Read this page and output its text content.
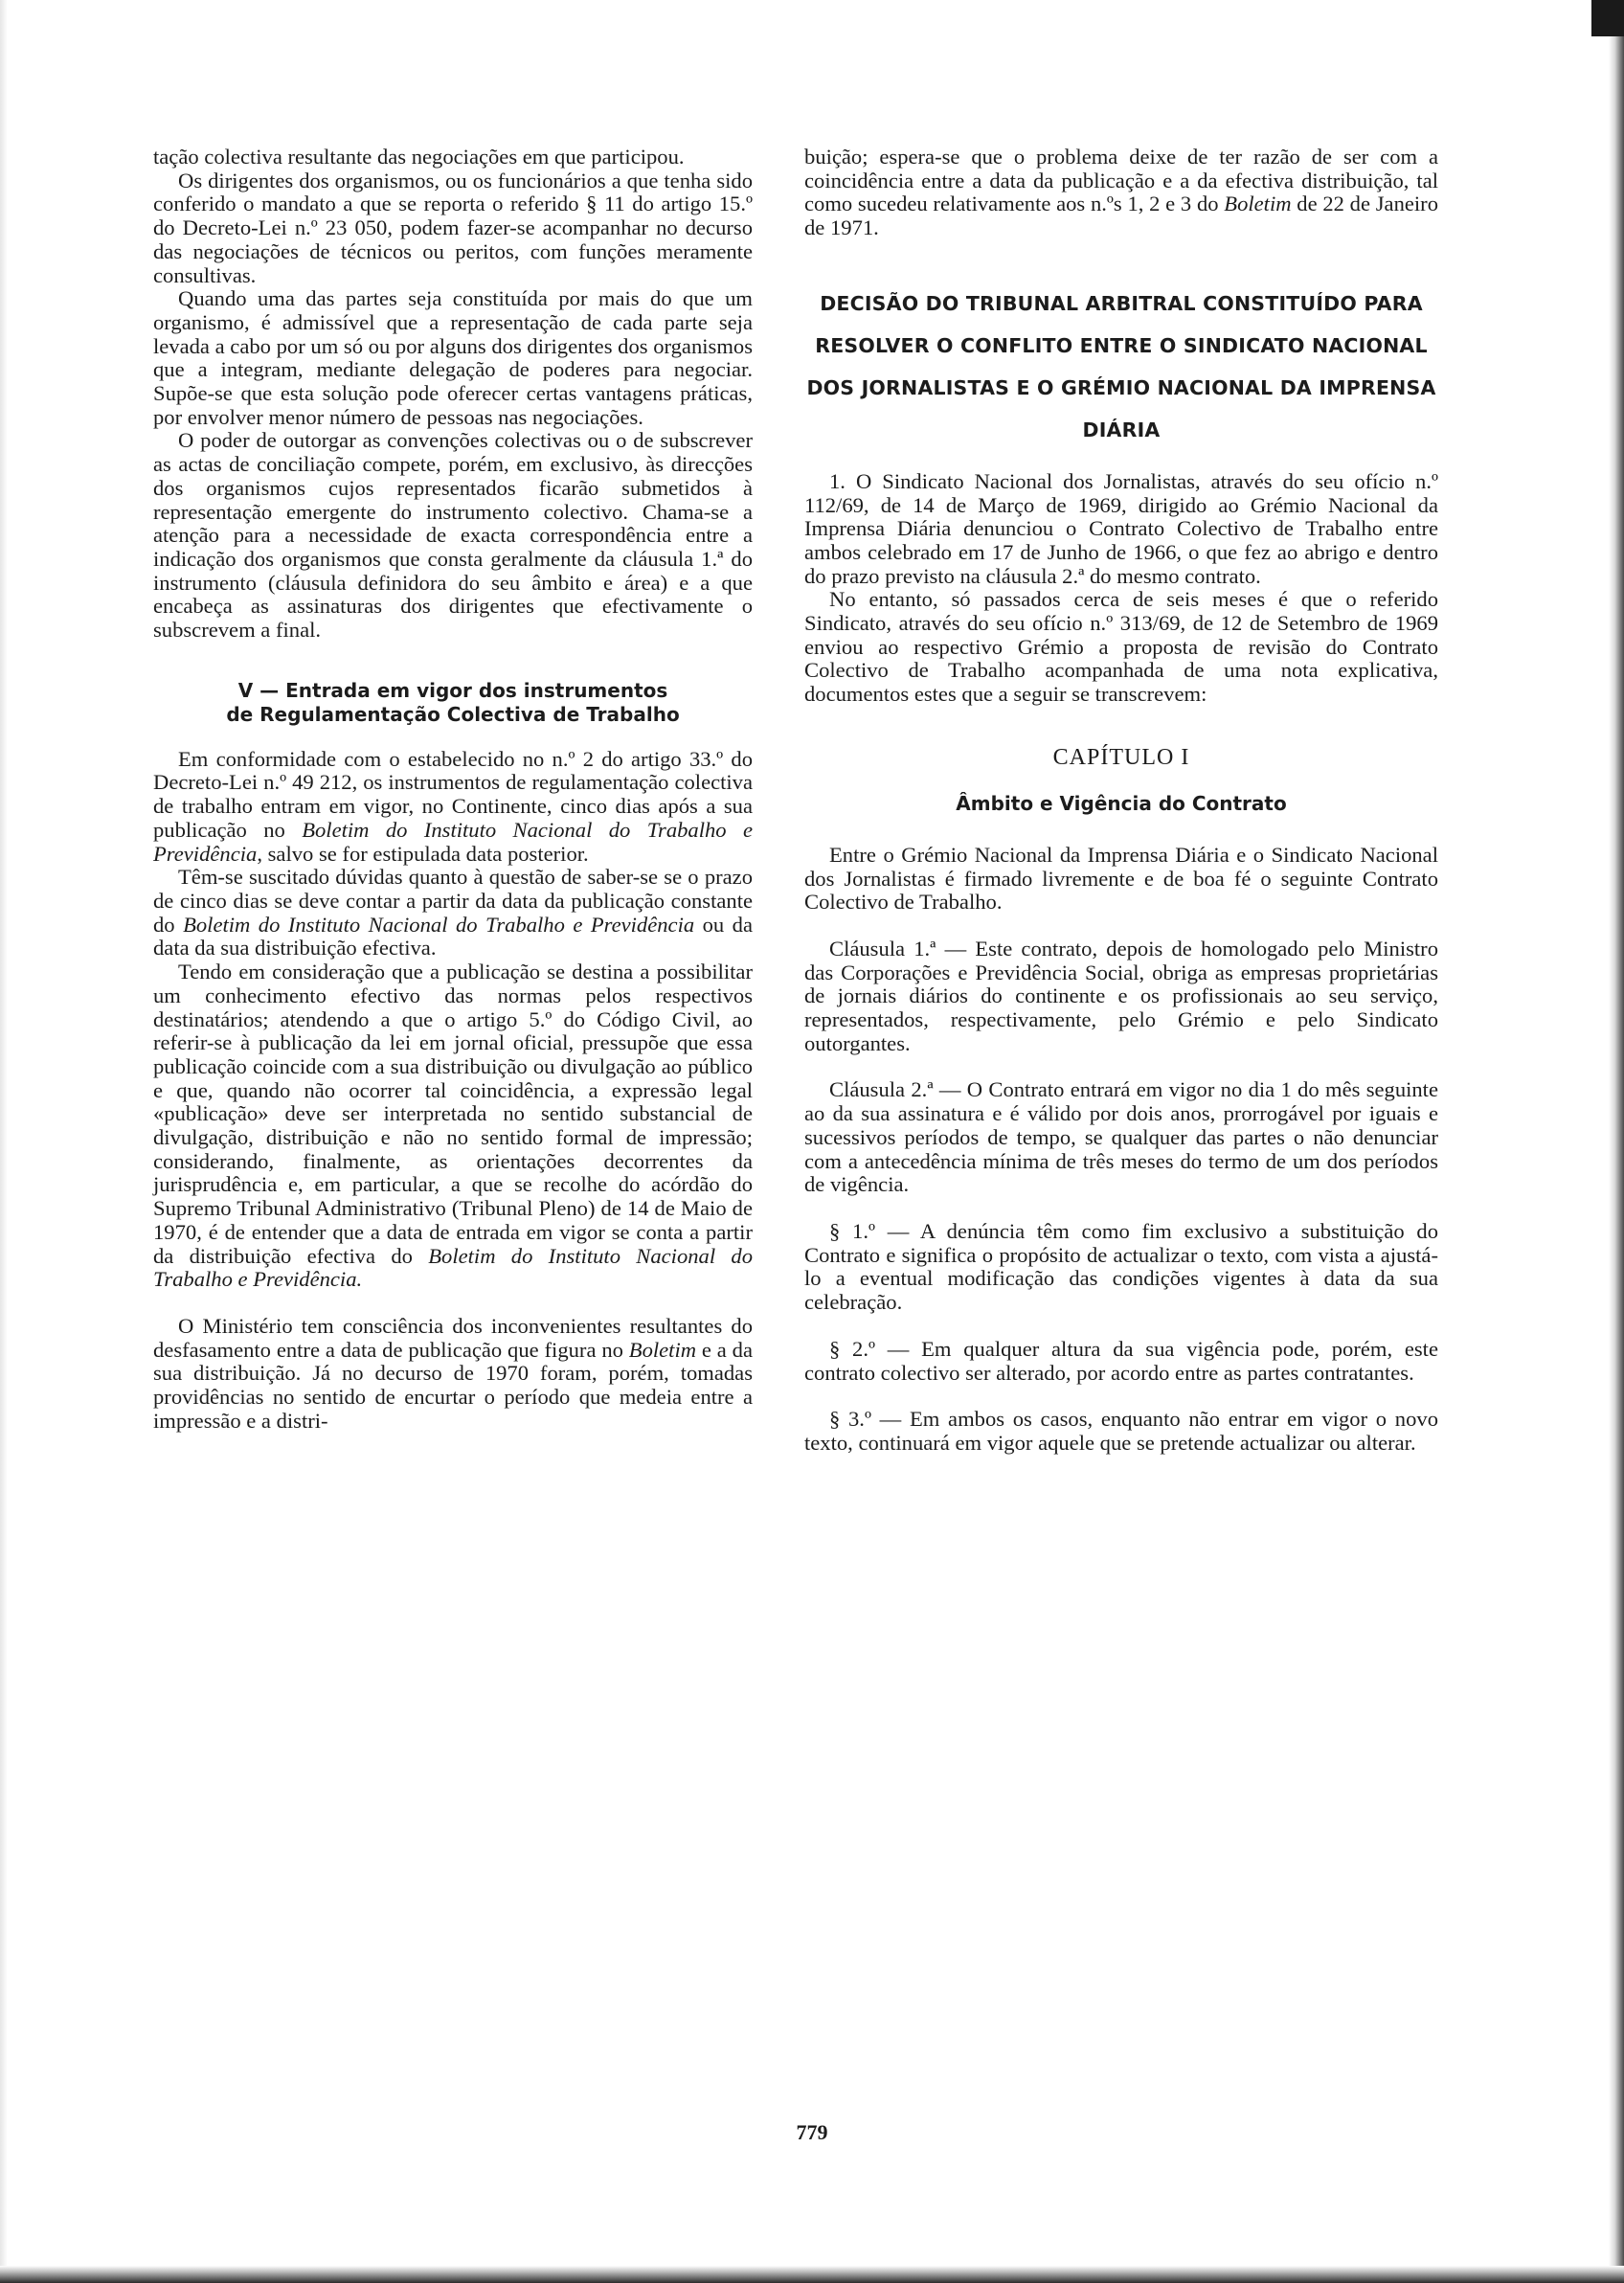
tação colectiva resultante das negociações em que participou.

Os dirigentes dos organismos, ou os funcionários a que tenha sido conferido o mandato a que se reporta o referido § 11 do artigo 15.º do Decreto-Lei n.º 23 050, podem fazer-se acompanhar no decurso das negociações de técnicos ou peritos, com funções meramente consultivas.

Quando uma das partes seja constituída por mais do que um organismo, é admissível que a representação de cada parte seja levada a cabo por um só ou por alguns dos dirigentes dos organismos que a integram, mediante delegação de poderes para negociar. Supõe-se que esta solução pode oferecer certas vantagens práticas, por envolver menor número de pessoas nas negociações.

O poder de outorgar as convenções colectivas ou o de subscrever as actas de conciliação compete, porém, em exclusivo, às direcções dos organismos cujos representados ficarão submetidos à representação emergente do instrumento colectivo. Chama-se a atenção para a necessidade de exacta correspondência entre a indicação dos organismos que consta geralmente da cláusula 1.ª do instrumento (cláusula definidora do seu âmbito e área) e a que encabeça as assinaturas dos dirigentes que efectivamente o subscrevem a final.

V — Entrada em vigor dos instrumentos
de Regulamentação Colectiva de Trabalho

Em conformidade com o estabelecido no n.º 2 do artigo 33.º do Decreto-Lei n.º 49 212, os instrumentos de regulamentação colectiva de trabalho entram em vigor, no Continente, cinco dias após a sua publicação no Boletim do Instituto Nacional do Trabalho e Previdência, salvo se for estipulada data posterior.

Têm-se suscitado dúvidas quanto à questão de saber-se se o prazo de cinco dias se deve contar a partir da data da publicação constante do Boletim do Instituto Nacional do Trabalho e Previdência ou da data da sua distribuição efectiva.

Tendo em consideração que a publicação se destina a possibilitar um conhecimento efectivo das normas pelos respectivos destinatários; atendendo a que o artigo 5.º do Código Civil, ao referir-se à publicação da lei em jornal oficial, pressupõe que essa publicação coincide com a sua distribuição ou divulgação ao público e que, quando não ocorrer tal coincidência, a expressão legal «publicação» deve ser interpretada no sentido substancial de divulgação, distribuição e não no sentido formal de impressão; considerando, finalmente, as orientações decorrentes da jurisprudência e, em particular, a que se recolhe do acórdão do Supremo Tribunal Administrativo (Tribunal Pleno) de 14 de Maio de 1970, é de entender que a data de entrada em vigor se conta a partir da distribuição efectiva do Boletim do Instituto Nacional do Trabalho e Previdência.

O Ministério tem consciência dos inconvenientes resultantes do desfasamento entre a data de publicação que figura no Boletim e a da sua distribuição. Já no decurso de 1970 foram, porém, tomadas providências no sentido de encurtar o período que medeia entre a impressão e a distri-

buição; espera-se que o problema deixe de ter razão de ser com a coincidência entre a data da publicação e a da efectiva distribuição, tal como sucedeu relativamente aos n.ºs 1, 2 e 3 do Boletim de 22 de Janeiro de 1971.

DECISÃO DO TRIBUNAL ARBITRAL CONSTITUÍDO PARA RESOLVER O CONFLITO ENTRE O SINDICATO NACIONAL DOS JORNALISTAS E O GRÉMIO NACIONAL DA IMPRENSA DIÁRIA

1. O Sindicato Nacional dos Jornalistas, através do seu ofício n.º 112/69, de 14 de Março de 1969, dirigido ao Grémio Nacional da Imprensa Diária denunciou o Contrato Colectivo de Trabalho entre ambos celebrado em 17 de Junho de 1966, o que fez ao abrigo e dentro do prazo previsto na cláusula 2.ª do mesmo contrato.

No entanto, só passados cerca de seis meses é que o referido Sindicato, através do seu ofício n.º 313/69, de 12 de Setembro de 1969 enviou ao respectivo Grémio a proposta de revisão do Contrato Colectivo de Trabalho acompanhada de uma nota explicativa, documentos estes que a seguir se transcrevem:

CAPÍTULO I
Âmbito e Vigência do Contrato

Entre o Grémio Nacional da Imprensa Diária e o Sindicato Nacional dos Jornalistas é firmado livremente e de boa fé o seguinte Contrato Colectivo de Trabalho.

Cláusula 1.ª — Este contrato, depois de homologado pelo Ministro das Corporações e Previdência Social, obriga as empresas proprietárias de jornais diários do continente e os profissionais ao seu serviço, representados, respectivamente, pelo Grémio e pelo Sindicato outorgantes.

Cláusula 2.ª — O Contrato entrará em vigor no dia 1 do mês seguinte ao da sua assinatura e é válido por dois anos, prorrogável por iguais e sucessivos períodos de tempo, se qualquer das partes o não denunciar com a antecedência mínima de três meses do termo de um dos períodos de vigência.

§ 1.º — A denúncia têm como fim exclusivo a substituição do Contrato e significa o propósito de actualizar o texto, com vista a ajustá-lo a eventual modificação das condições vigentes à data da sua celebração.

§ 2.º — Em qualquer altura da sua vigência pode, porém, este contrato colectivo ser alterado, por acordo entre as partes contratantes.

§ 3.º — Em ambos os casos, enquanto não entrar em vigor o novo texto, continuará em vigor aquele que se pretende actualizar ou alterar.

779
